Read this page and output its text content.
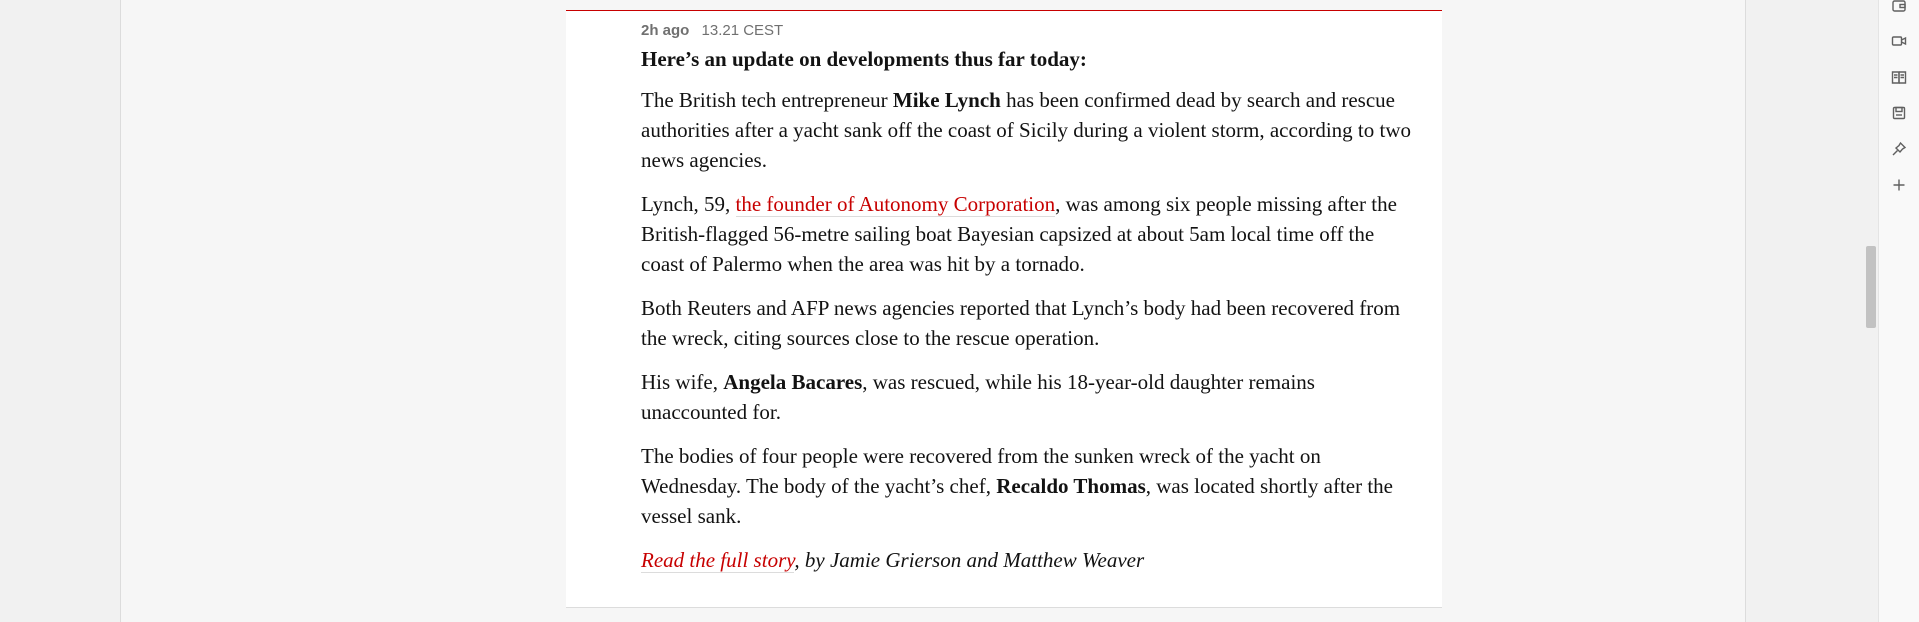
2h ago 13.21 CEST
Here’s an update on developments thus far today:

The British tech entrepreneur Mike Lynch has been confirmed dead by search and rescue authorities after a yacht sank off the coast of Sicily during a violent storm, according to two news agencies.

Lynch, 59, the founder of Autonomy Corporation, was among six people missing after the British-flagged 56-metre sailing boat Bayesian capsized at about 5am local time off the coast of Palermo when the area was hit by a tornado.

Both Reuters and AFP news agencies reported that Lynch’s body had been recovered from the wreck, citing sources close to the rescue operation.

His wife, Angela Bacares, was rescued, while his 18-year-old daughter remains unaccounted for.

The bodies of four people were recovered from the sunken wreck of the yacht on Wednesday. The body of the yacht’s chef, Recaldo Thomas, was located shortly after the vessel sank.

Read the full story, by Jamie Grierson and Matthew Weaver
